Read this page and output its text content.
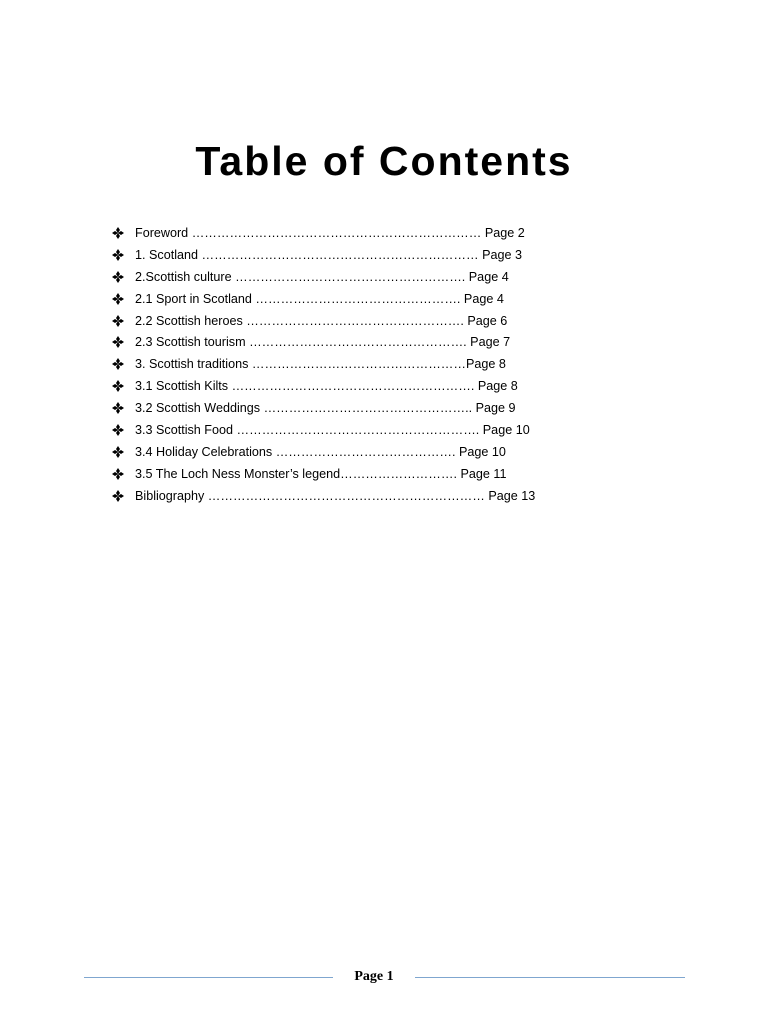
Table of Contents
Foreword …………………………………………………………… Page 2
1. Scotland ………………………………………………………… Page 3
2.Scottish culture ………………………………………………. Page 4
2.1 Sport in Scotland …………………………………………. Page 4
2.2 Scottish heroes ……………………………………………. Page 6
2.3 Scottish tourism ……………………………………………. Page 7
3. Scottish traditions ……………………………………………Page 8
3.1 Scottish Kilts …………………………………………………. Page 8
3.2 Scottish Weddings ………………………………………….. Page 9
3.3 Scottish Food …………………………………………………. Page 10
3.4 Holiday Celebrations ……………………………………. Page 10
3.5 The Loch Ness Monster’s legend………………………. Page 11
Bibliography ………………………………………………………… Page 13
Page 1
